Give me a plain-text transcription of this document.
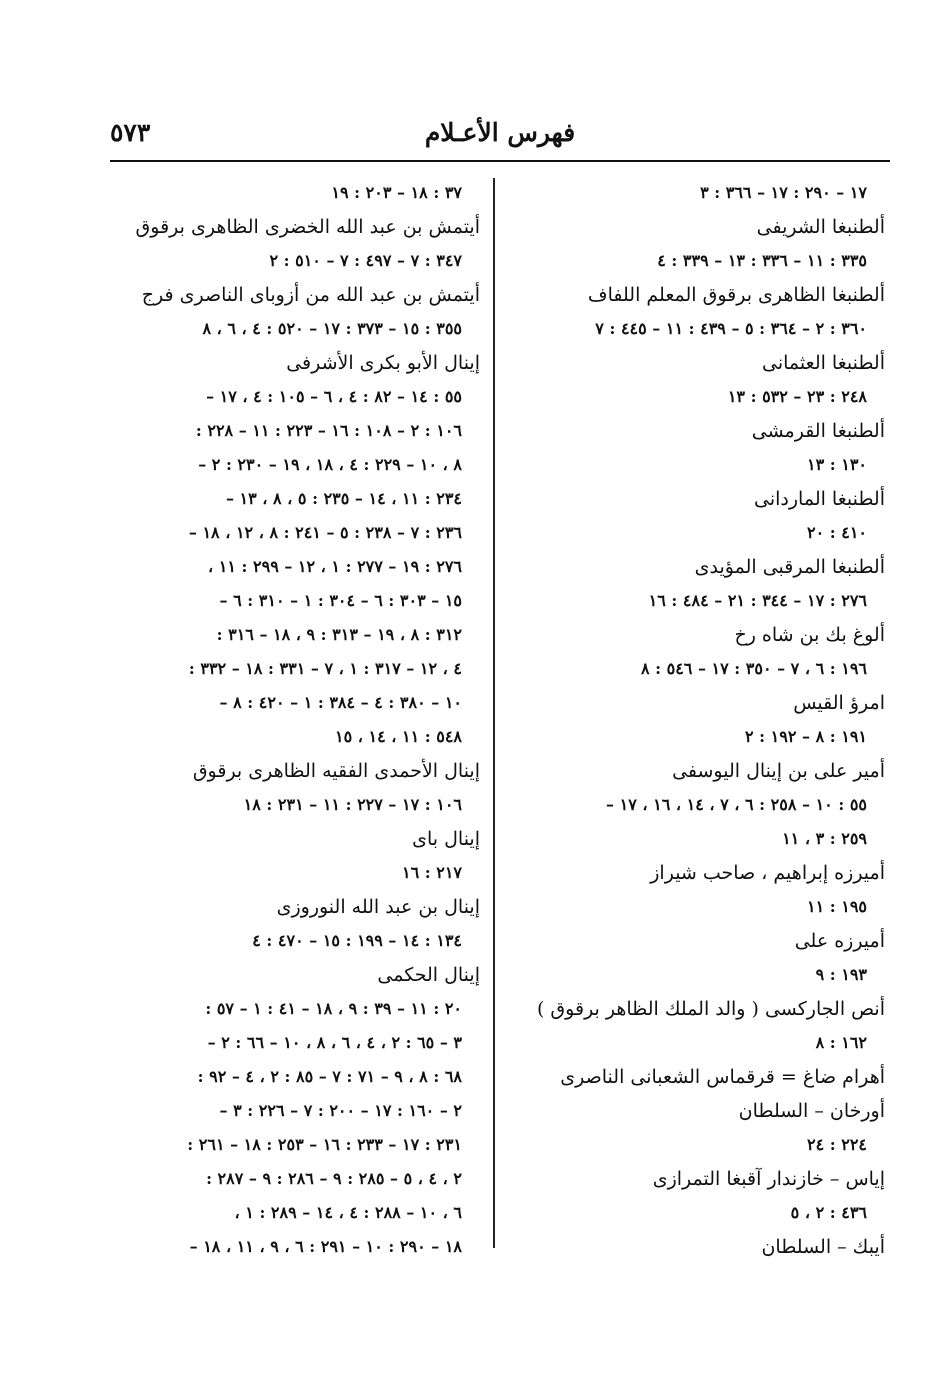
فهرس الأعـلام
٥٧٣
١٧ – ٢٩٠ : ١٧ – ٣٦٦ : ٣
ألطنبغا الشريفى
٣٣٥ : ١١ – ٣٣٦ : ١٣ – ٣٣٩ : ٤
ألطنبغا الظاهرى برقوق المعلم اللفاف
٣٦٠ : ٢ – ٣٦٤ : ٥ – ٤٣٩ : ١١ – ٤٤٥ : ٧
ألطنبغا العثمانى
٢٤٨ : ٢٣ – ٥٣٢ : ١٣
ألطنبغا القرمشى
١٣٠ : ١٣
ألطنبغا الماردانى
٤١٠ : ٢٠
ألطنبغا المرقبى المؤيدى
٢٧٦ : ١٧ – ٣٤٤ : ٢١ – ٤٨٤ : ١٦
ألوغ بك بن شاه رخ
١٩٦ : ٦ ، ٧ – ٣٥٠ : ١٧ – ٥٤٦ : ٨
امرؤ القيس
١٩١ : ٨ – ١٩٢ : ٢
أمير على بن إينال اليوسفى
٥٥ : ١٠ – ٢٥٨ : ٦ ، ٧ ، ١٤ ، ١٦ ، ١٧ –
٢٥٩ : ٣ ، ١١
أميرزه إبراهيم ، صاحب شيراز
١٩٥ : ١١
أميرزه على
١٩٣ : ٩
أنص الجاركسى ( والد الملك الظاهر برقوق )
١٦٢ : ٨
أهرام ضاغ = قرقماس الشعبانى الناصرى
أورخان – السلطان
٢٢٤ : ٢٤
إياس – خازندار آقبغا التمرازى
٤٣٦ : ٢ ، ٥
أيبك – السلطان
٣٧ : ١٨ – ٢٠٣ : ١٩
أيتمش بن عبد الله الخضرى الظاهرى برقوق
٣٤٧ : ٧ – ٤٩٧ : ٧ – ٥١٠ : ٢
أيتمش بن عبد الله من أزوباى الناصرى فرج
٣٥٥ : ١٥ – ٣٧٣ : ١٧ – ٥٢٠ : ٤ ، ٦ ، ٨
إينال الأبو بكرى الأشرفى
٥٥ : ١٤ – ٨٢ : ٤ ، ٦ – ١٠٥ : ٤ ، ١٧ –
١٠٦ : ٢ – ١٠٨ : ١٦ – ٢٢٣ : ١١ – ٢٢٨ :
٨ ، ١٠ – ٢٢٩ : ٤ ، ١٨ ، ١٩ – ٢٣٠ : ٢ –
٢٣٤ : ١١ ، ١٤ – ٢٣٥ : ٥ ، ٨ ، ١٣ –
٢٣٦ : ٧ – ٢٣٨ : ٥ – ٢٤١ : ٨ ، ١٢ ، ١٨ –
٢٧٦ : ١٩ – ٢٧٧ : ١ ، ١٢ – ٢٩٩ : ١١ ،
١٥ – ٣٠٣ : ٦ – ٣٠٤ : ١ – ٣١٠ : ٦ –
٣١٢ : ٨ ، ١٩ – ٣١٣ : ٩ ، ١٨ – ٣١٦ :
٤ ، ١٢ – ٣١٧ : ١ ، ٧ – ٣٣١ : ١٨ – ٣٣٢ :
١٠ – ٣٨٠ : ٤ – ٣٨٤ : ١ – ٤٢٠ : ٨ –
٥٤٨ : ١١ ، ١٤ ، ١٥
إينال الأحمدى الفقيه الظاهرى برقوق
١٠٦ : ١٧ – ٢٢٧ : ١١ – ٢٣١ : ١٨
إينال باى
٢١٧ : ١٦
إينال بن عبد الله النوروزى
١٣٤ : ١٤ – ١٩٩ : ١٥ – ٤٧٠ : ٤
إينال الحكمى
٢٠ : ١١ – ٣٩ : ٩ ، ١٨ – ٤١ : ١ – ٥٧ :
٣ – ٦٥ : ٢ ، ٤ ، ٦ ، ٨ ، ١٠ – ٦٦ : ٢ –
٦٨ : ٨ ، ٩ – ٧١ : ٧ – ٨٥ : ٢ ، ٤ – ٩٢ :
٢ – ١٦٠ : ١٧ – ٢٠٠ : ٧ – ٢٢٦ : ٣ –
٢٣١ : ١٧ – ٢٣٣ : ١٦ – ٢٥٣ : ١٨ – ٢٦١ :
٢ ، ٤ ، ٥ – ٢٨٥ : ٩ – ٢٨٦ : ٩ – ٢٨٧ :
٦ ، ١٠ – ٢٨٨ : ٤ ، ١٤ – ٢٨٩ : ١ ،
١٨ – ٢٩٠ : ١٠ – ٢٩١ : ٦ ، ٩ ، ١١ ، ١٨ –
